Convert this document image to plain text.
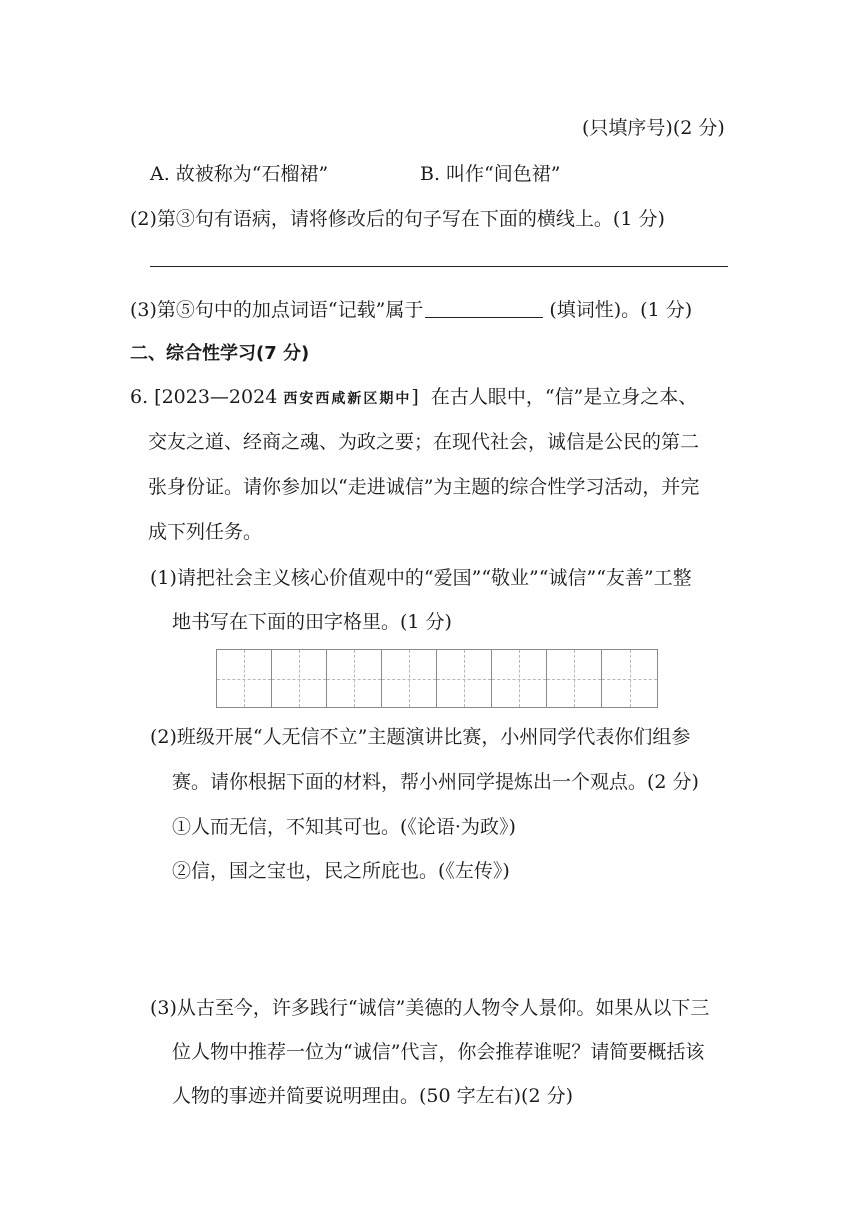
(只填序号)(2 分)
A. 故被称为“石榴裙”	B. 叫作“间色裙”
(2)第③句有语病，请将修改后的句子写在下面的横线上。(1 分)
(3)第⑤句中的加点词语“记载”属于	(填词性)。(1 分)
二、综合性学习(7 分)
6. [2023—2024 西安西咸新区期中] 在古人眼中，“信”是立身之本、
交友之道、经商之魂、为政之要；在现代社会，诚信是公民的第二
张身份证。请你参加以“走进诚信”为主题的综合性学习活动，并完
成下列任务。
(1)请把社会主义核心价值观中的“爱国”“敬业”“诚信”“友善”工整
地书写在下面的田字格里。(1 分)
(2)班级开展“人无信不立”主题演讲比赛，小州同学代表你们组参
赛。请你根据下面的材料，帮小州同学提炼出一个观点。(2 分)
①人而无信，不知其可也。(《论语·为政》)
②信，国之宝也，民之所庇也。(《左传》)
(3)从古至今，许多践行“诚信”美德的人物令人景仰。如果从以下三
位人物中推荐一位为“诚信”代言，你会推荐谁呢？请简要概括该
人物的事迹并简要说明理由。(50 字左右)(2 分)
